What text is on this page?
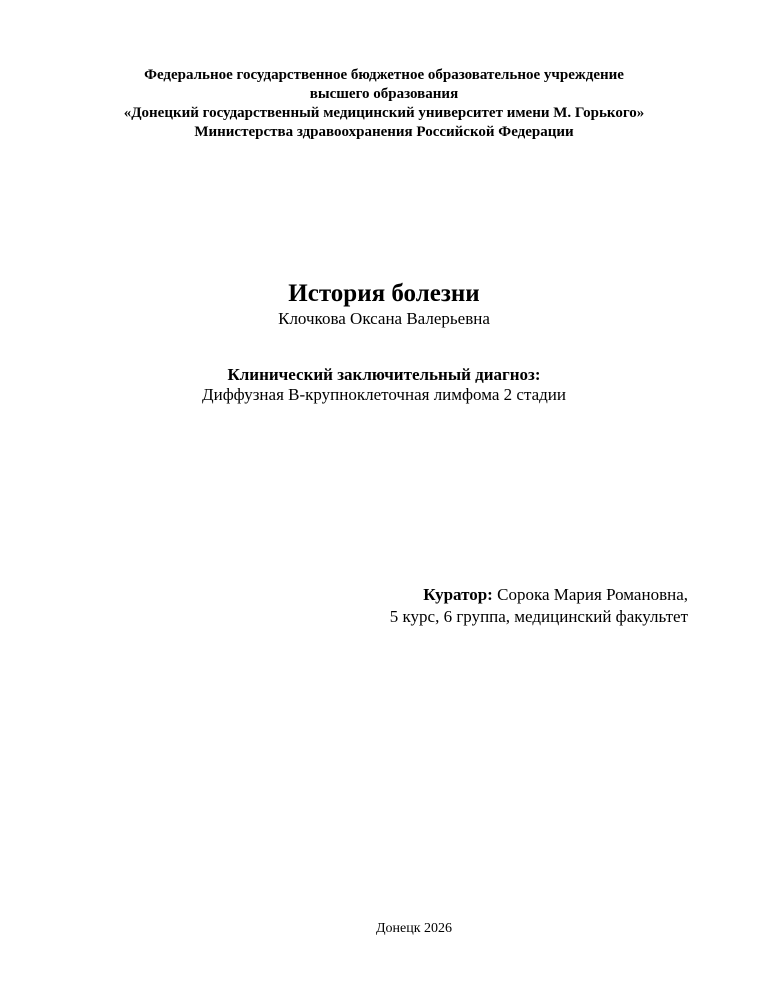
Федеральное государственное бюджетное образовательное учреждение
высшего образования
«Донецкий государственный медицинский университет имени М. Горького»
Министерства здравоохранения Российской Федерации
История болезни
Клочкова Оксана Валерьевна
Клинический заключительный диагноз:
Диффузная В-крупноклеточная лимфома 2 стадии
Куратор: Сорока Мария Романовна,
5 курс, 6 группа, медицинский факультет
Донецк 2026
